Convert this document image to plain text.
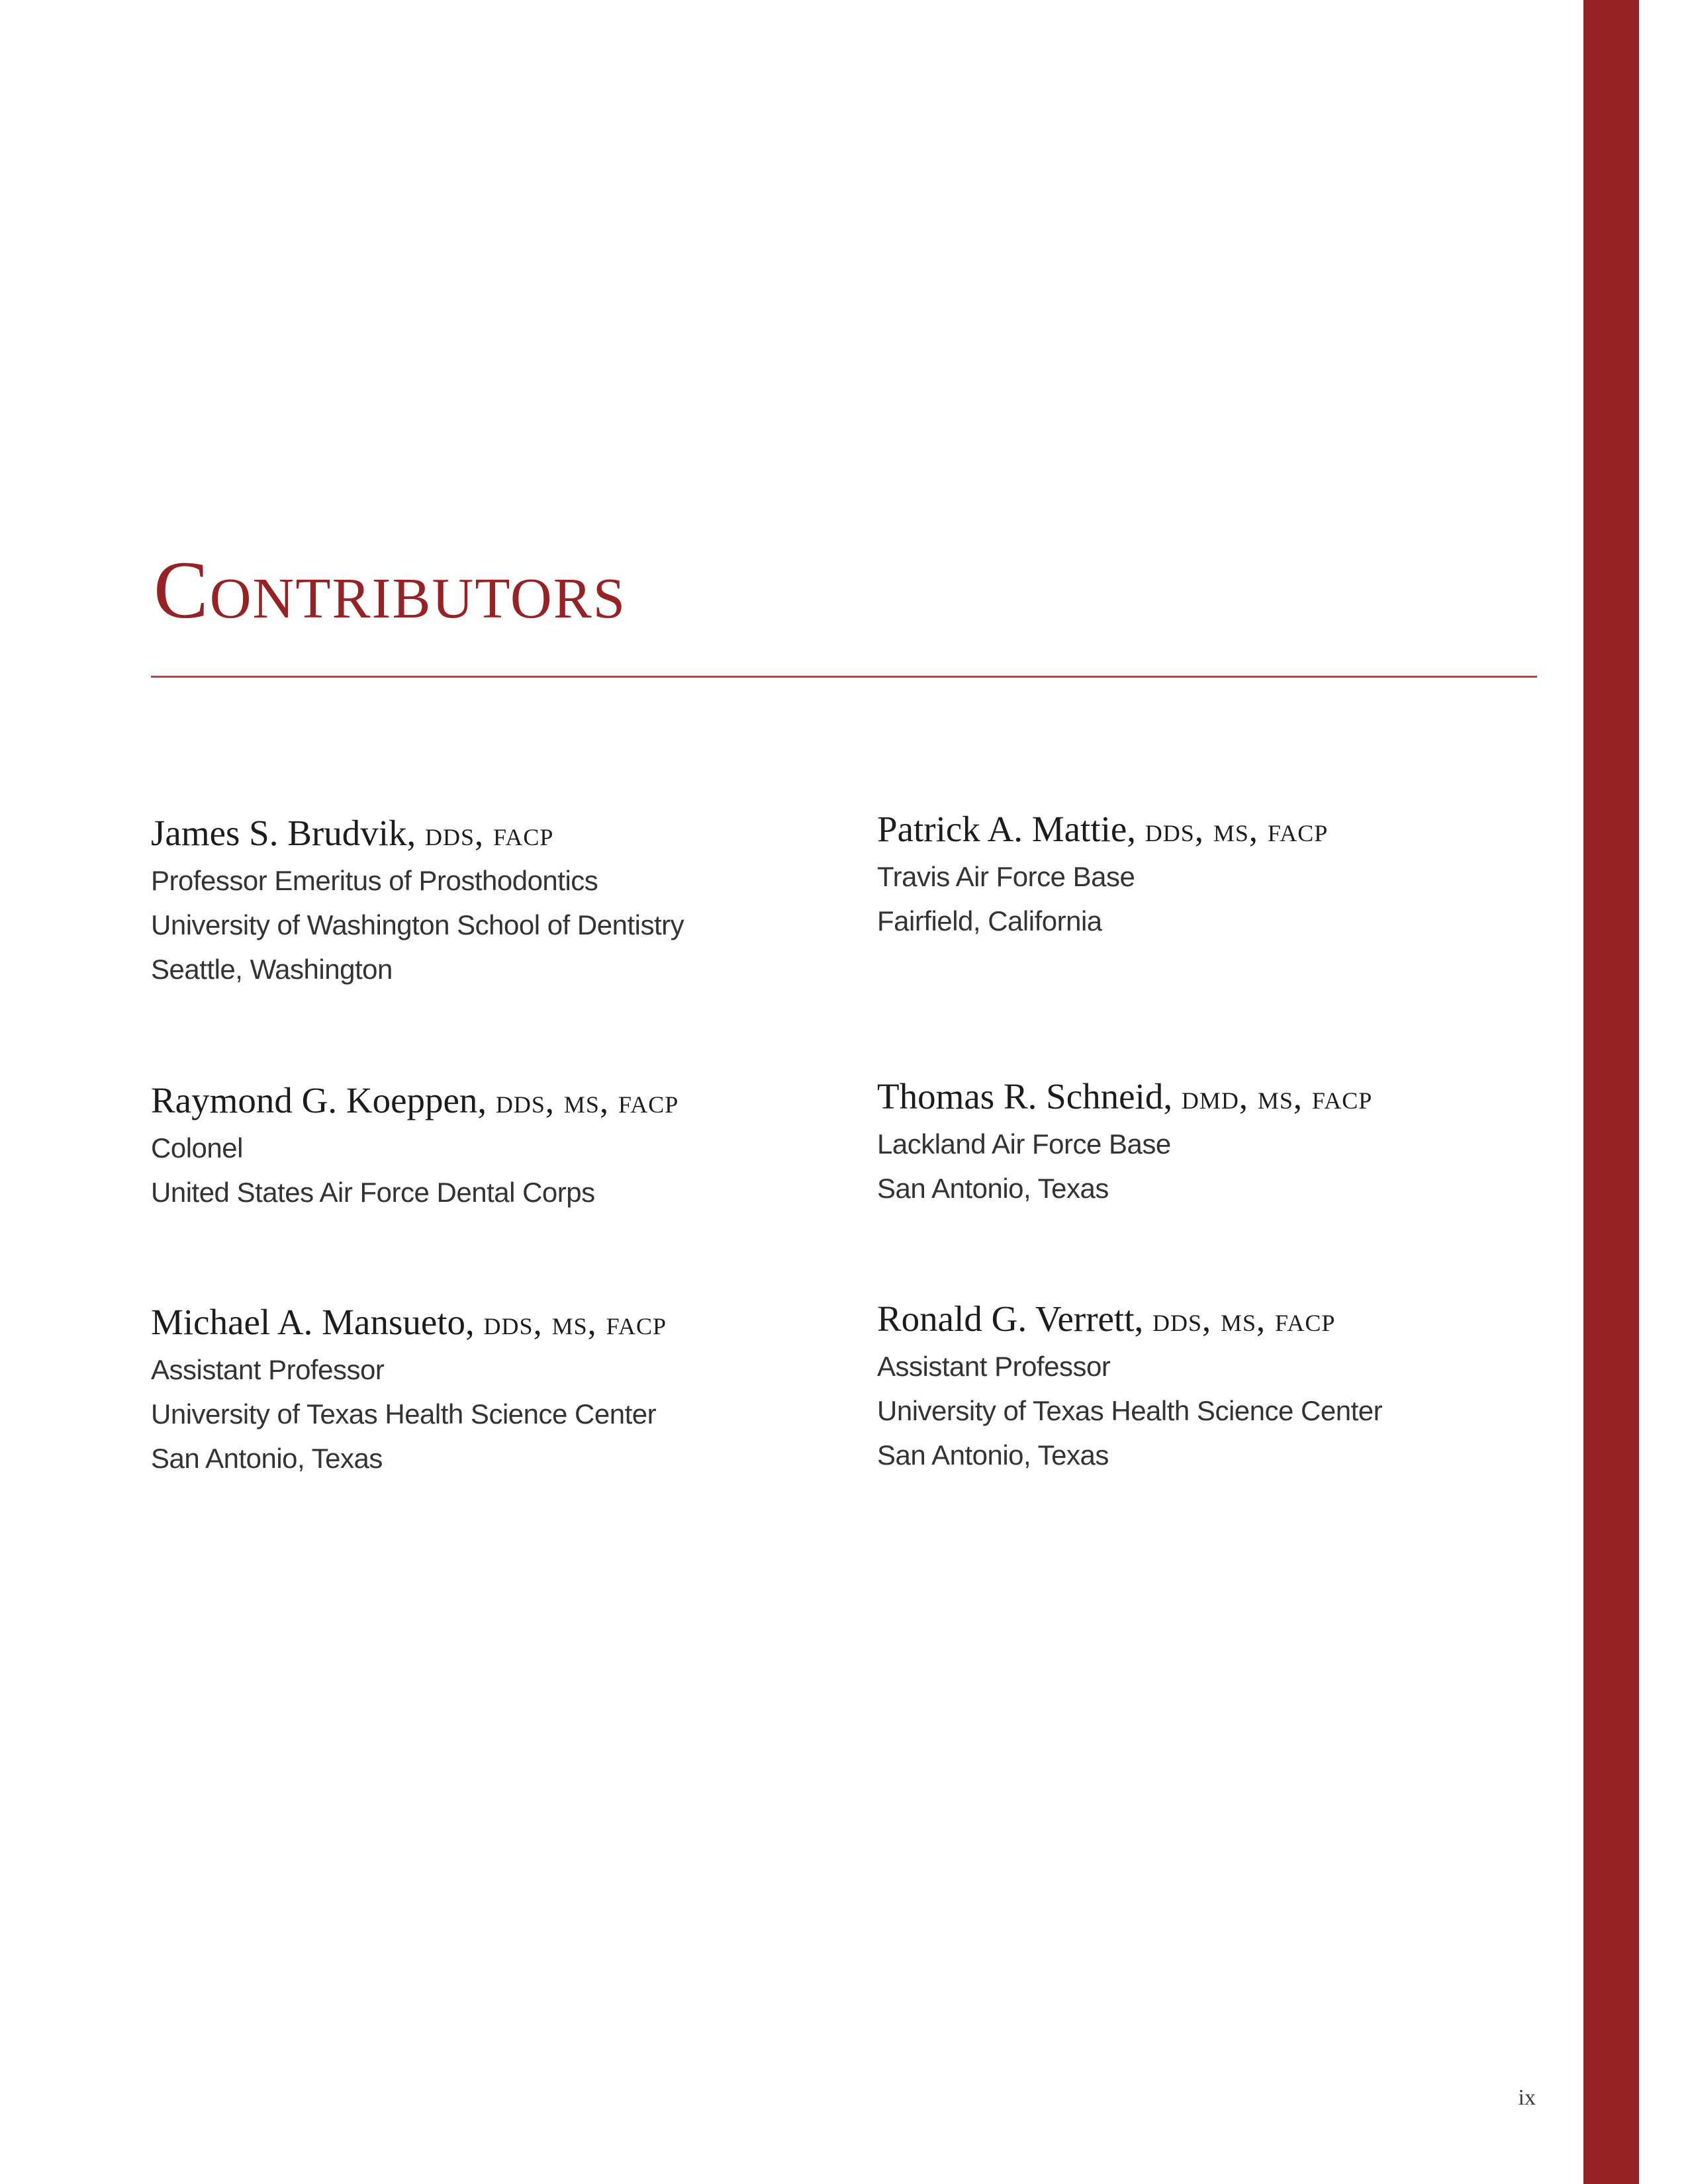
Contributors
James S. Brudvik, dds, facp
Professor Emeritus of Prosthodontics
University of Washington School of Dentistry
Seattle, Washington
Patrick A. Mattie, dds, ms, facp
Travis Air Force Base
Fairfield, California
Raymond G. Koeppen, dds, ms, facp
Colonel
United States Air Force Dental Corps
Thomas R. Schneid, dmd, ms, facp
Lackland Air Force Base
San Antonio, Texas
Michael A. Mansueto, dds, ms, facp
Assistant Professor
University of Texas Health Science Center
San Antonio, Texas
Ronald G. Verrett, dds, ms, facp
Assistant Professor
University of Texas Health Science Center
San Antonio, Texas
ix
